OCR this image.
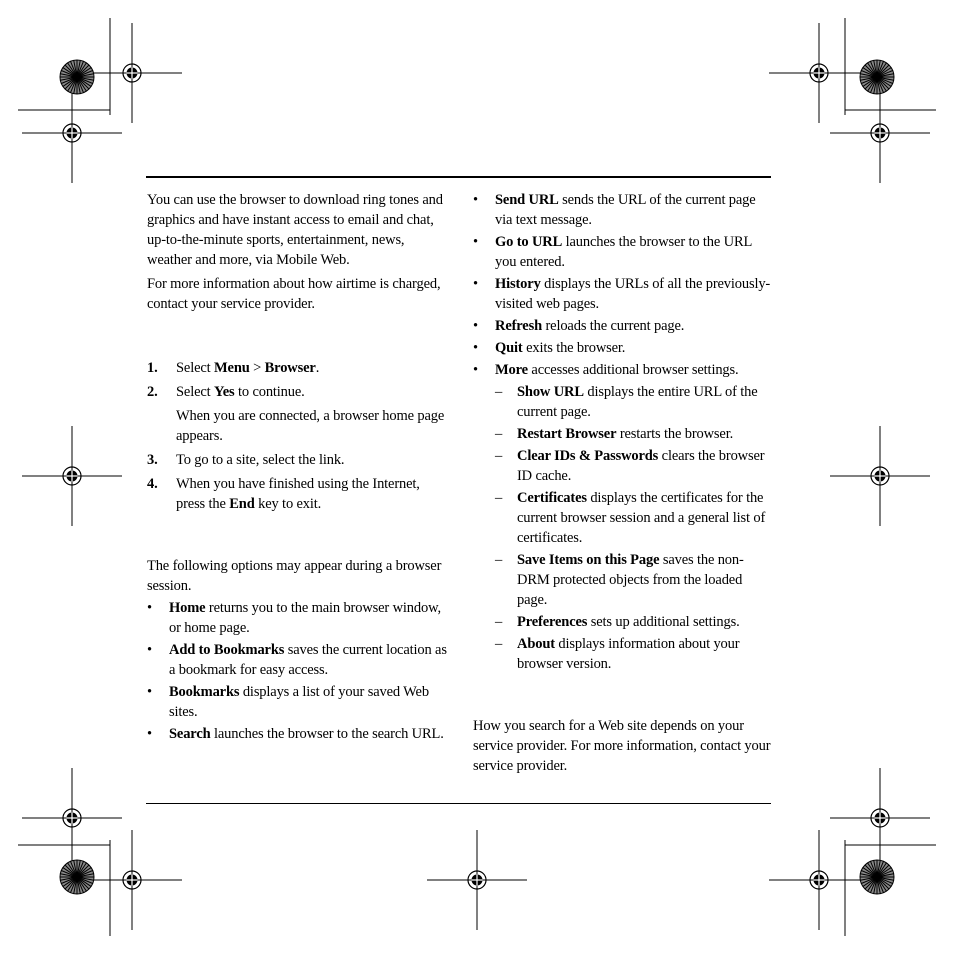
You can use the browser to download ring tones and graphics and have instant access to email and chat, up-to-the-minute sports, entertainment, news, weather and more, via Mobile Web.

For more information about how airtime is charged, contact your service provider.

1. Select Menu > Browser.
2. Select Yes to continue.
When you are connected, a browser home page appears.
3. To go to a site, select the link.
4. When you have finished using the Internet, press the End key to exit.

The following options may appear during a browser session.

• Home returns you to the main browser window, or home page.
• Add to Bookmarks saves the current location as a bookmark for easy access.
• Bookmarks displays a list of your saved Web sites.
• Search launches the browser to the search URL.
• Send URL sends the URL of the current page via text message.
• Go to URL launches the browser to the URL you entered.
• History displays the URLs of all the previously-visited web pages.
• Refresh reloads the current page.
• Quit exits the browser.
• More accesses additional browser settings.
– Show URL displays the entire URL of the current page.
– Restart Browser restarts the browser.
– Clear IDs & Passwords clears the browser ID cache.
– Certificates displays the certificates for the current browser session and a general list of certificates.
– Save Items on this Page saves the non-DRM protected objects from the loaded page.
– Preferences sets up additional settings.
– About displays information about your browser version.

How you search for a Web site depends on your service provider. For more information, contact your service provider.
